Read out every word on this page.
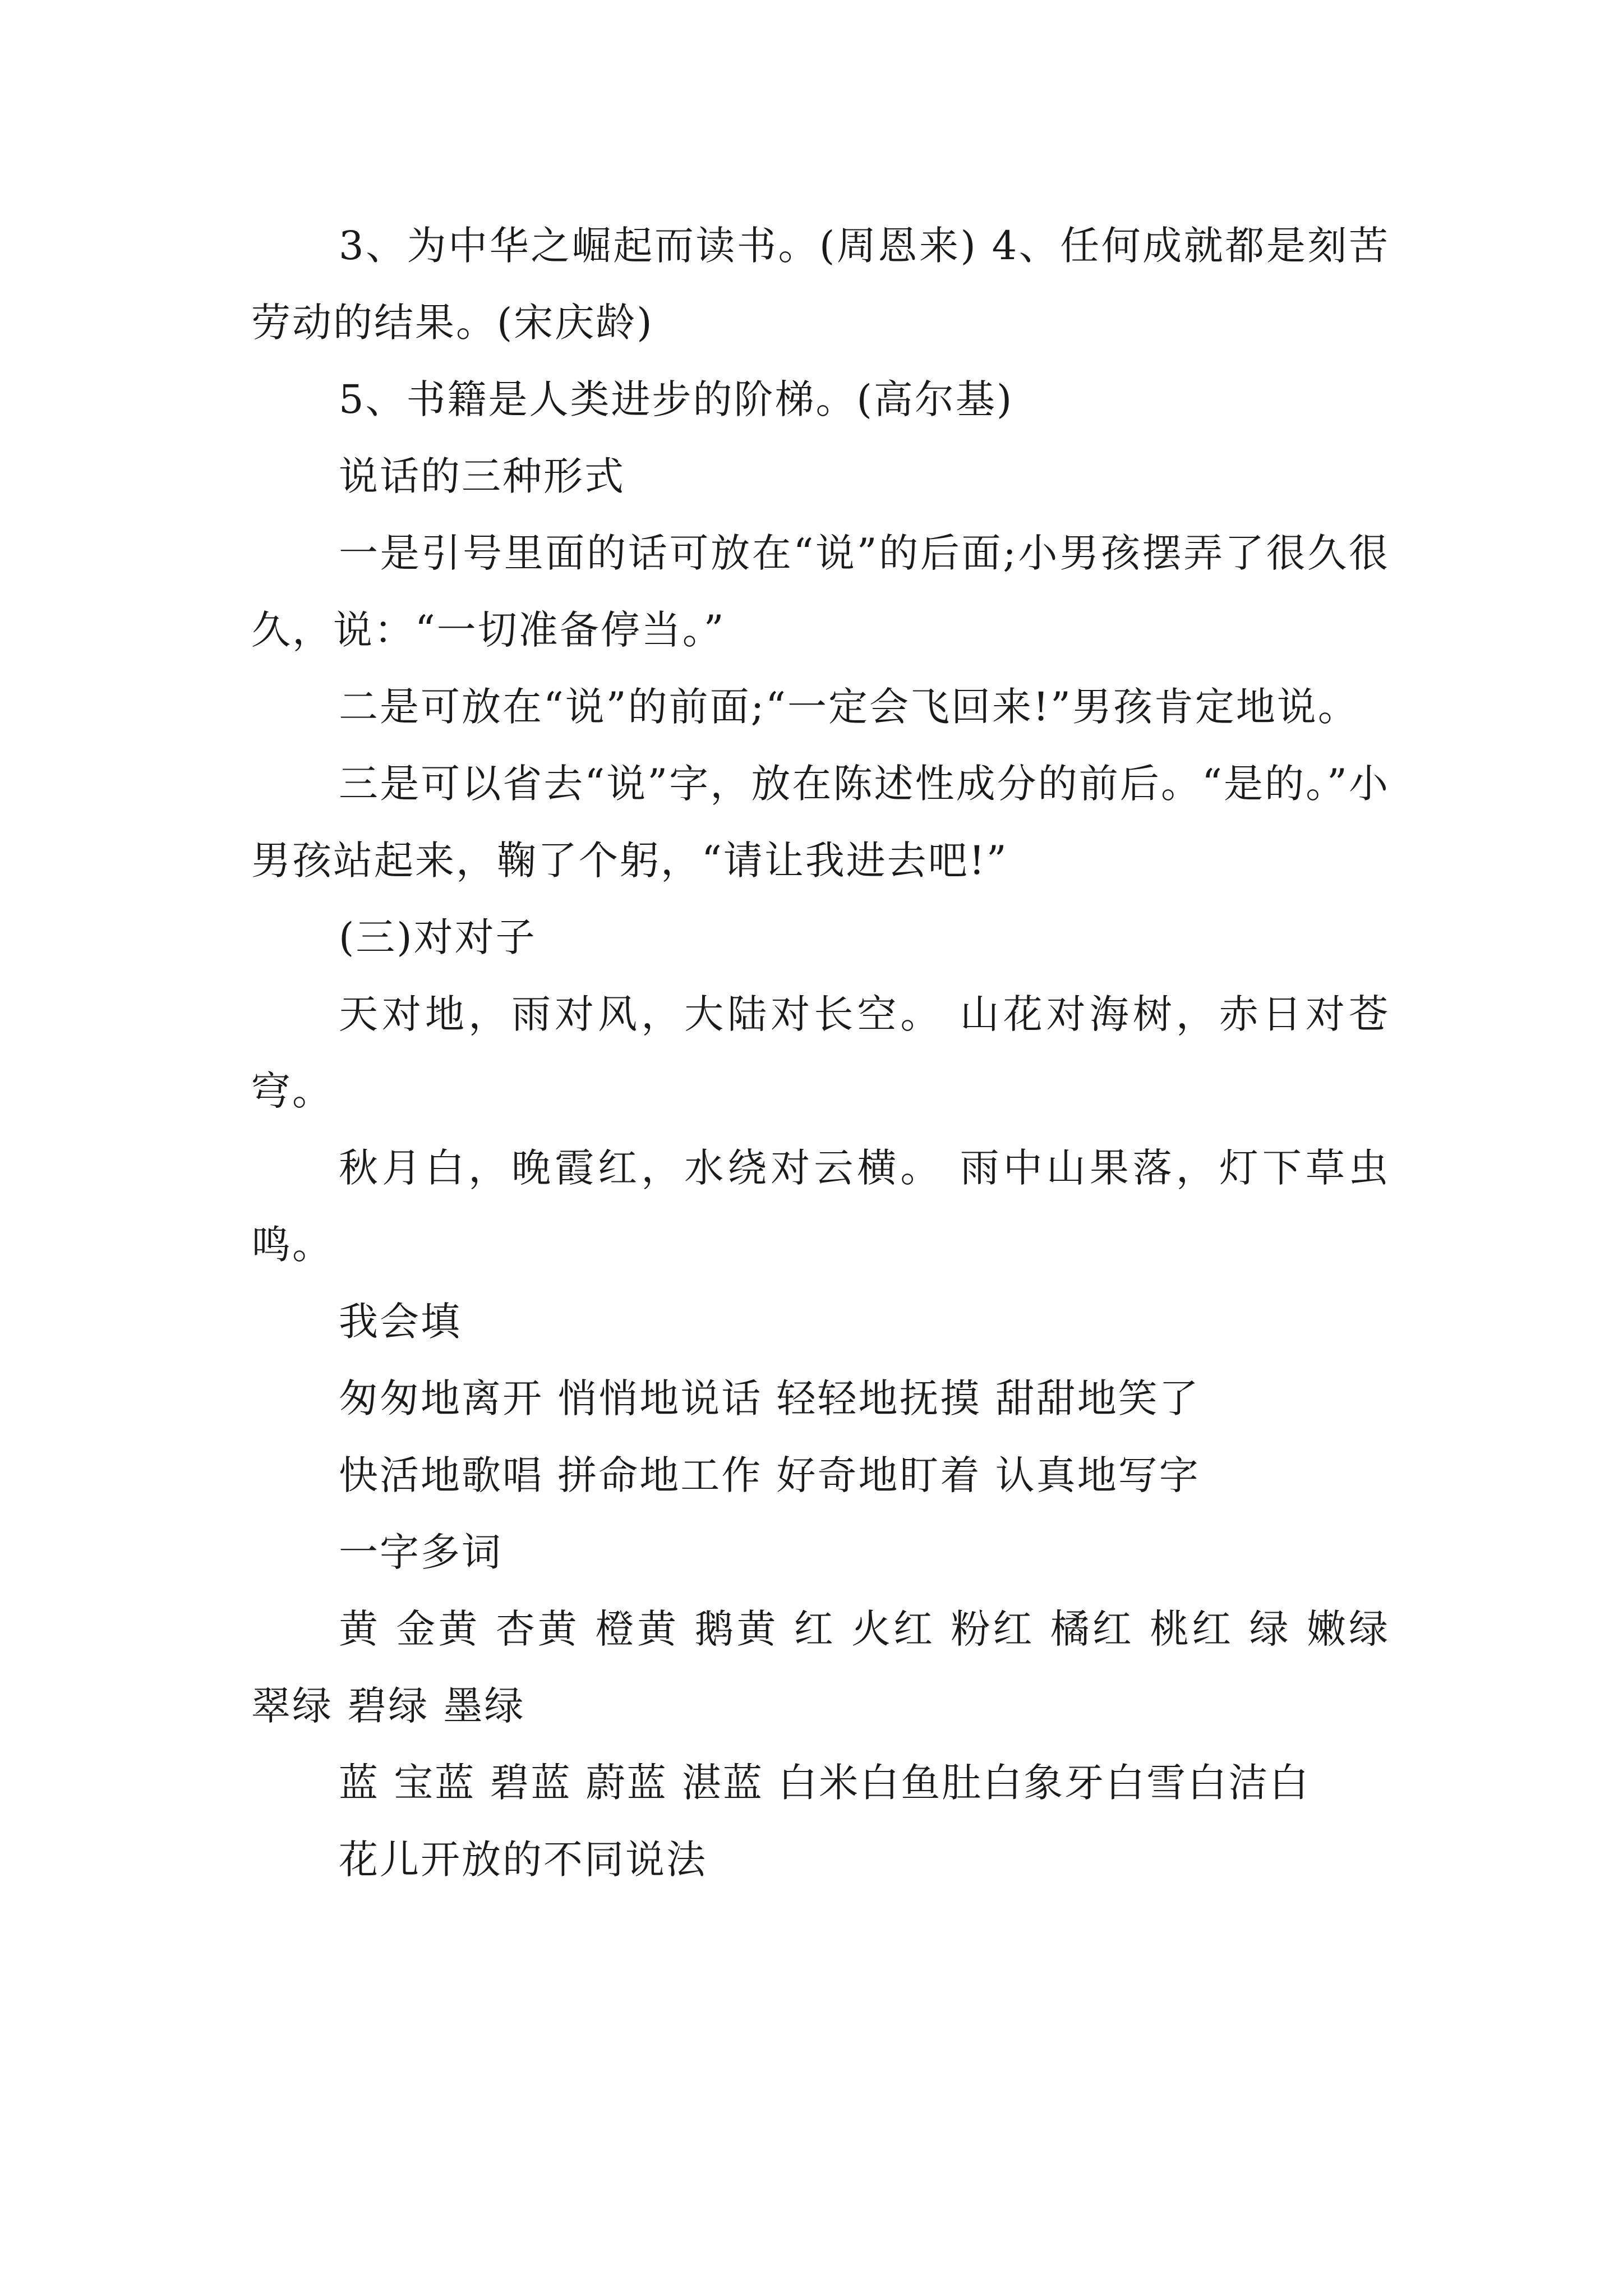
3、为中华之崛起而读书。(周恩来) 4、任何成就都是刻苦劳动的结果。(宋庆龄)

5、书籍是人类进步的阶梯。(高尔基)

说话的三种形式

一是引号里面的话可放在“说”的后面;小男孩摆弄了很久很久，说：“一切准备停当。”

二是可放在“说”的前面;“一定会飞回来!”男孩肯定地说。

三是可以省去“说”字，放在陈述性成分的前后。“是的。”小男孩站起来，鞠了个躬，“请让我进去吧!”

(三)对对子

天对地，雨对风，大陆对长空。 山花对海树，赤日对苍穹。

秋月白，晚霞红，水绕对云横。 雨中山果落，灯下草虫鸣。

我会填

匆匆地离开 悄悄地说话 轻轻地抚摸 甜甜地笑了

快活地歌唱 拼命地工作 好奇地盯着 认真地写字

一字多词

黄 金黄 杏黄 橙黄 鹅黄 红 火红 粉红 橘红 桃红 绿 嫩绿 翠绿 碧绿 墨绿

蓝 宝蓝 碧蓝 蔚蓝 湛蓝 白米白鱼肚白象牙白雪白洁白

花儿开放的不同说法
